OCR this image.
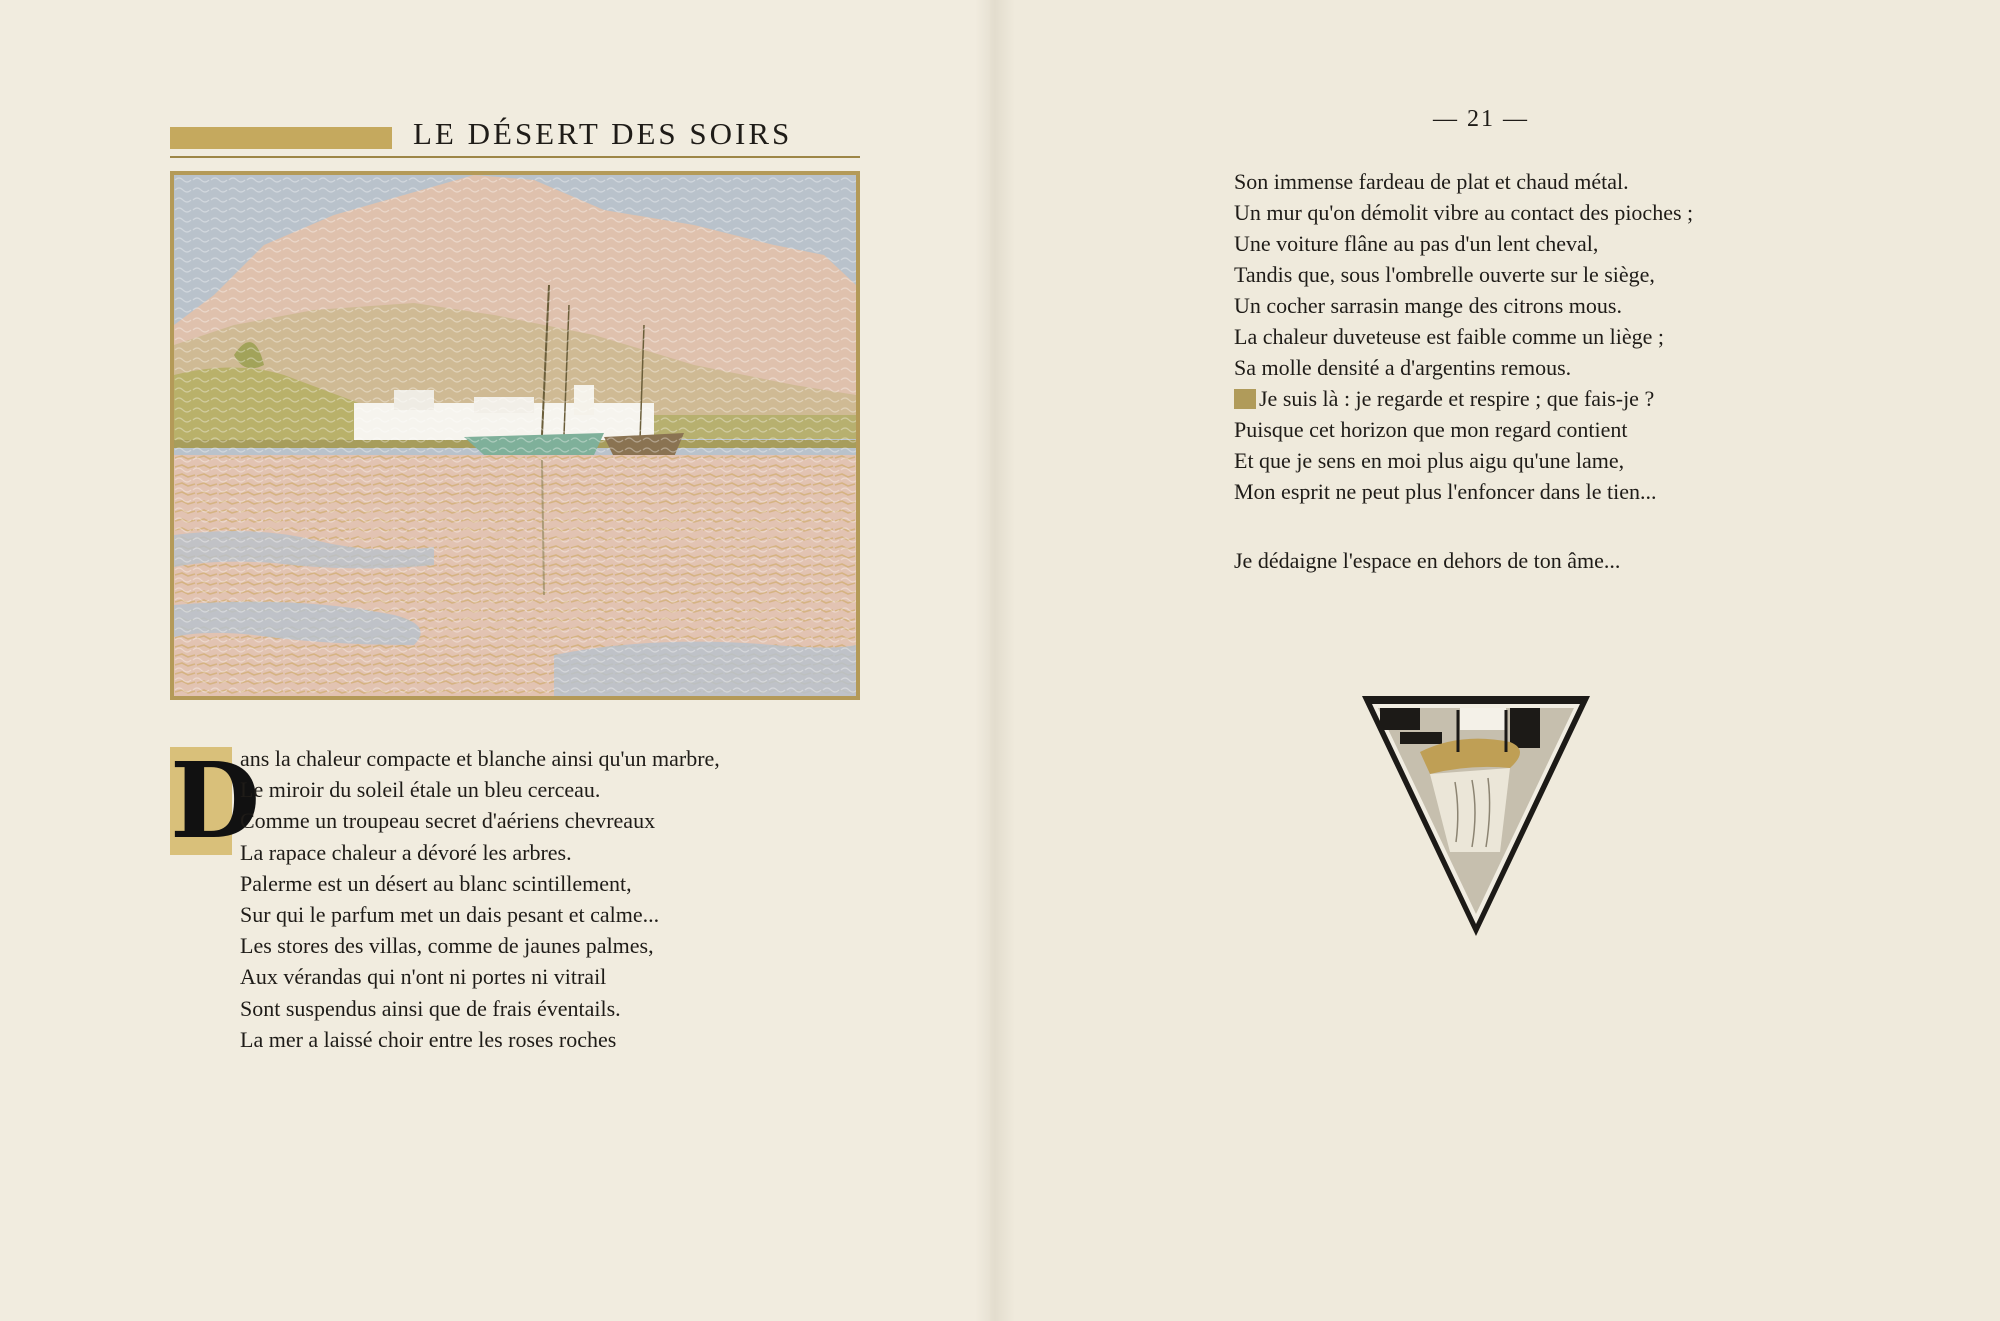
LE DÉSERT DES SOIRS
D
ans la chaleur compacte et blanche ainsi qu'un marbre,
Le miroir du soleil étale un bleu cerceau.
Comme un troupeau secret d'aériens chevreaux
La rapace chaleur a dévoré les arbres.
Palerme est un désert au blanc scintillement,
Sur qui le parfum met un dais pesant et calme...
Les stores des villas, comme de jaunes palmes,
Aux vérandas qui n'ont ni portes ni vitrail
Sont suspendus ainsi que de frais éventails.
La mer a laissé choir entre les roses roches
— 21 —
Son immense fardeau de plat et chaud métal.
Un mur qu'on démolit vibre au contact des pioches ;
Une voiture flâne au pas d'un lent cheval,
Tandis que, sous l'ombrelle ouverte sur le siège,
Un cocher sarrasin mange des citrons mous.
La chaleur duveteuse est faible comme un liège ;
Sa molle densité a d'argentins remous.
Je suis là : je regarde et respire ; que fais-je ?
Puisque cet horizon que mon regard contient
Et que je sens en moi plus aigu qu'une lame,
Mon esprit ne peut plus l'enfoncer dans le tien...
Je dédaigne l'espace en dehors de ton âme...
